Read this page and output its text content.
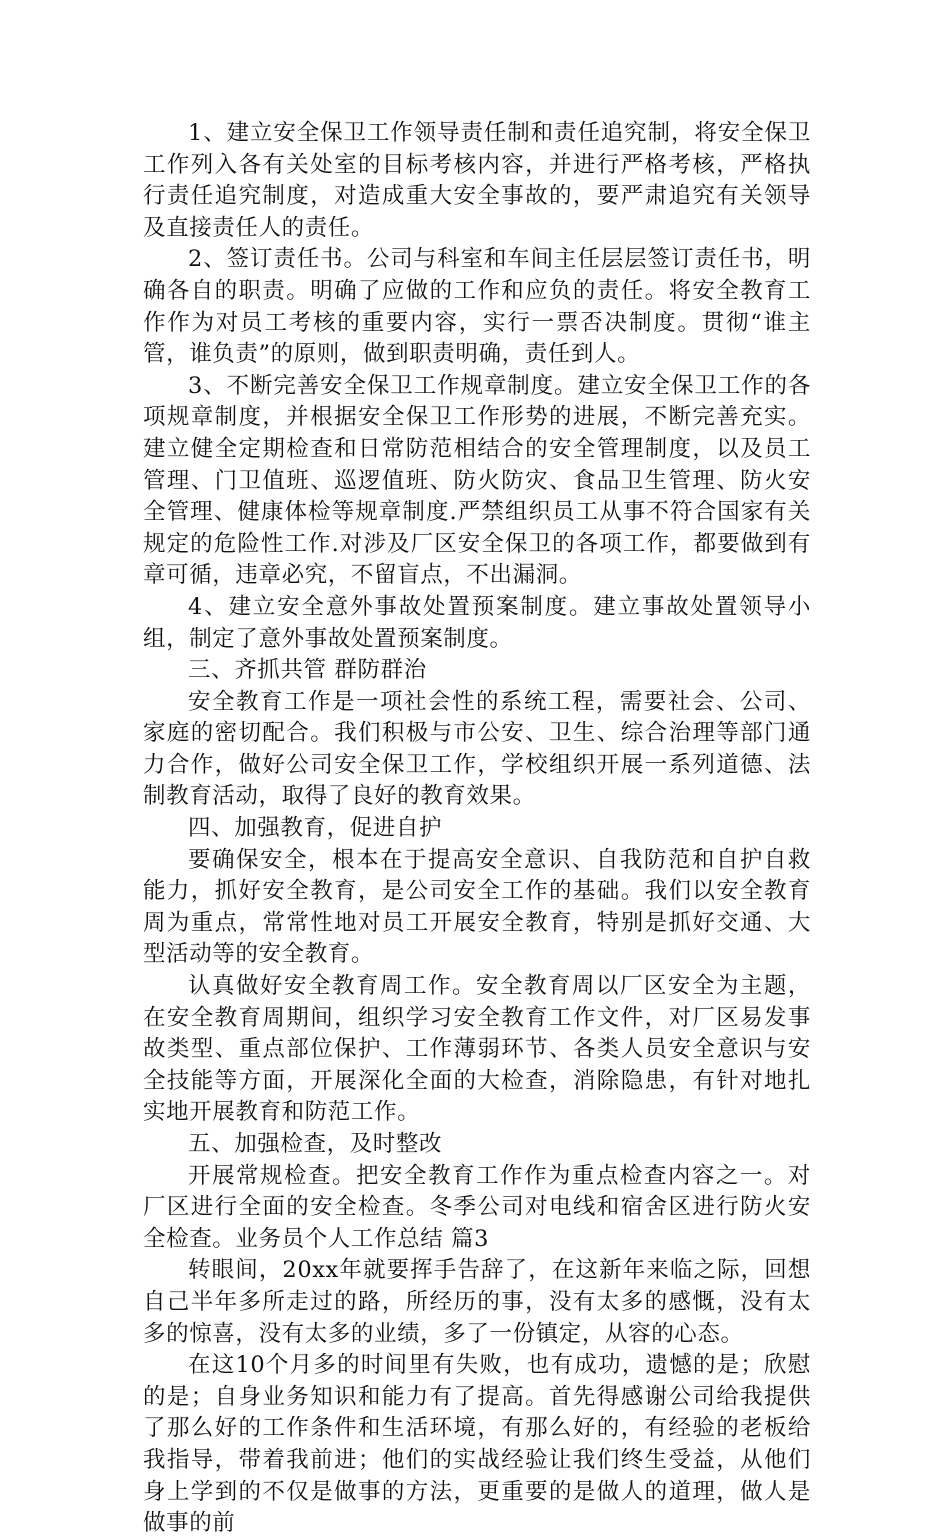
1、建立安全保卫工作领导责任制和责任追究制，将安全保卫工作列入各有关处室的目标考核内容，并进行严格考核，严格执行责任追究制度，对造成重大安全事故的，要严肃追究有关领导及直接责任人的责任。

2、签订责任书。公司与科室和车间主任层层签订责任书，明确各自的职责。明确了应做的工作和应负的责任。将安全教育工作作为对员工考核的重要内容，实行一票否决制度。贯彻“谁主管，谁负责”的原则，做到职责明确，责任到人。

3、不断完善安全保卫工作规章制度。建立安全保卫工作的各项规章制度，并根据安全保卫工作形势的进展，不断完善充实。建立健全定期检查和日常防范相结合的安全管理制度，以及员工管理、门卫值班、巡逻值班、防火防灾、食品卫生管理、防火安全管理、健康体检等规章制度.严禁组织员工从事不符合国家有关规定的危险性工作.对涉及厂区安全保卫的各项工作，都要做到有章可循，违章必究，不留盲点，不出漏洞。

4、建立安全意外事故处置预案制度。建立事故处置领导小组，制定了意外事故处置预案制度。

三、齐抓共管 群防群治

安全教育工作是一项社会性的系统工程，需要社会、公司、家庭的密切配合。我们积极与市公安、卫生、综合治理等部门通力合作，做好公司安全保卫工作，学校组织开展一系列道德、法制教育活动，取得了良好的教育效果。

四、加强教育，促进自护

要确保安全，根本在于提高安全意识、自我防范和自护自救能力，抓好安全教育，是公司安全工作的基础。我们以安全教育周为重点，常常性地对员工开展安全教育，特别是抓好交通、大型活动等的安全教育。

认真做好安全教育周工作。安全教育周以厂区安全为主题，在安全教育周期间，组织学习安全教育工作文件，对厂区易发事故类型、重点部位保护、工作薄弱环节、各类人员安全意识与安全技能等方面，开展深化全面的大检查，消除隐患，有针对地扎实地开展教育和防范工作。

五、加强检查，及时整改

开展常规检查。把安全教育工作作为重点检查内容之一。对厂区进行全面的安全检查。冬季公司对电线和宿舍区进行防火安全检查。业务员个人工作总结 篇3

转眼间，20xx年就要挥手告辞了，在这新年来临之际，回想自己半年多所走过的路，所经历的事，没有太多的感慨，没有太多的惊喜，没有太多的业绩，多了一份镇定，从容的心态。

在这10个月多的时间里有失败，也有成功，遗憾的是；欣慰的是；自身业务知识和能力有了提高。首先得感谢公司给我提供了那么好的工作条件和生活环境，有那么好的，有经验的老板给我指导，带着我前进；他们的实战经验让我们终生受益，从他们身上学到的不仅是做事的方法，更重要的是做人的道理，做人是做事的前
